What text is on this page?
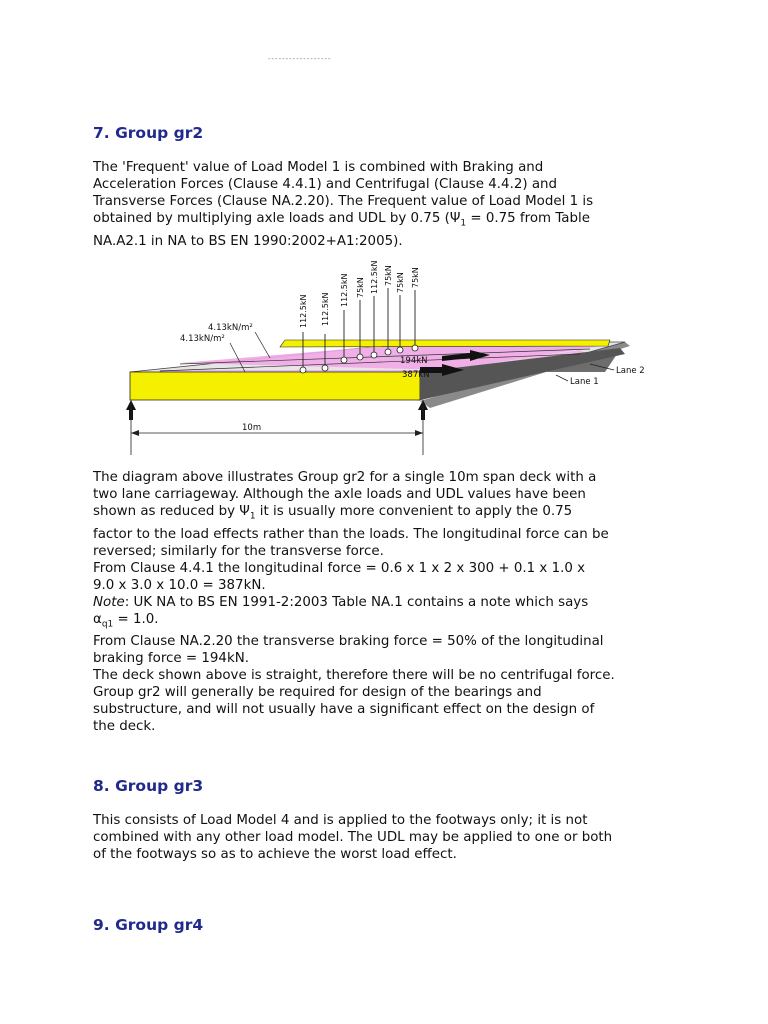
------------------
7. Group gr2

The 'Frequent' value of Load Model 1 is combined with Braking and
Acceleration Forces (Clause 4.4.1) and Centrifugal (Clause 4.4.2) and
Transverse Forces (Clause NA.2.20). The Frequent value of Load Model 1 is
obtained by multiplying axle loads and UDL by 0.75 ($\Psi_1 = 0.75$ from Table
NA.A2.1 in NA to BS EN 1990:2002+A1:2005).

112.5kN 112.5kN
112.5kN 75kN 112.5kN 75kN 75kN 75kN
4.13kN/m²
4.13kN/m²
194kN
387kN	Lane 2
Lane 1
10m

The diagram above illustrates Group gr2 for a single 10m span deck with a
two lane carriageway. Although the axle loads and UDL values have been
shown as reduced by $\Psi_1$ it is usually more convenient to apply the 0.75
factor to the load effects rather than the loads. The longitudinal force can be
reversed; similarly for the transverse force.
From Clause 4.4.1 the longitudinal force = 0.6 x 1 x 2 x 300 + 0.1 x 1.0 x
9.0 x 3.0 x 10.0 = 387kN.
Note: UK NA to BS EN 1991-2:2003 Table NA.1 contains a note which says
$\alpha_{q1} = 1.0$.
From Clause NA.2.20 the transverse braking force = 50% of the longitudinal
braking force = 194kN.
The deck shown above is straight, therefore there will be no centrifugal force.
Group gr2 will generally be required for design of the bearings and
substructure, and will not usually have a significant effect on the design of
the deck.

8. Group gr3

This consists of Load Model 4 and is applied to the footways only; it is not
combined with any other load model. The UDL may be applied to one or both
of the footways so as to achieve the worst load effect.

9. Group gr4
